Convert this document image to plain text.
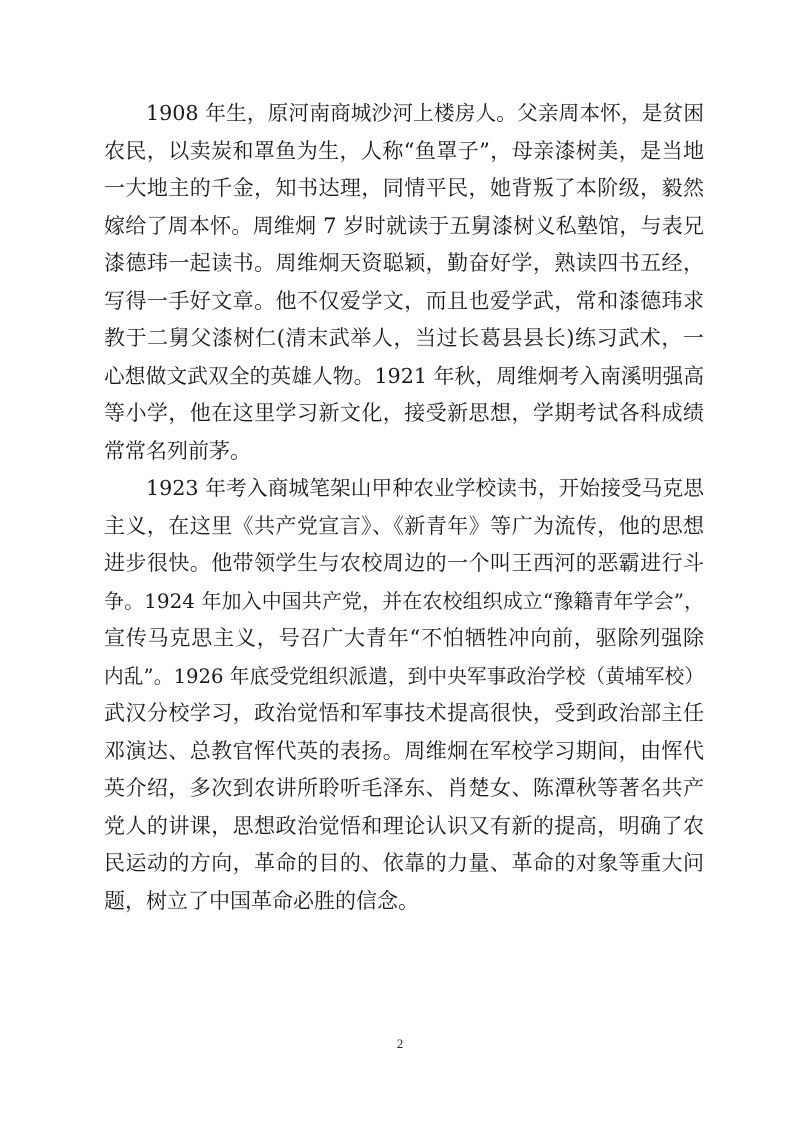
1908 年生，原河南商城沙河上楼房人。父亲周本怀，是贫困
农民，以卖炭和罩鱼为生，人称“鱼罩子”，母亲漆树美，是当地
一大地主的千金，知书达理，同情平民，她背叛了本阶级，毅然
嫁给了周本怀。周维炯 7 岁时就读于五舅漆树义私塾馆，与表兄
漆德玮一起读书。周维炯天资聪颖，勤奋好学，熟读四书五经，
写得一手好文章。他不仅爱学文，而且也爱学武，常和漆德玮求
教于二舅父漆树仁(清末武举人，当过长葛县县长)练习武术，一
心想做文武双全的英雄人物。1921 年秋，周维炯考入南溪明强高
等小学，他在这里学习新文化，接受新思想，学期考试各科成绩
常常名列前茅。
1923 年考入商城笔架山甲种农业学校读书，开始接受马克思
主义，在这里《共产党宣言》、《新青年》等广为流传，他的思想
进步很快。他带领学生与农校周边的一个叫王西河的恶霸进行斗
争。1924 年加入中国共产党，并在农校组织成立“豫籍青年学会”，
宣传马克思主义，号召广大青年“不怕牺牲冲向前，驱除列强除
内乱”。1926 年底受党组织派遣，到中央军事政治学校（黄埔军校）
武汉分校学习，政治觉悟和军事技术提高很快，受到政治部主任
邓演达、总教官恽代英的表扬。周维炯在军校学习期间，由恽代
英介绍，多次到农讲所聆听毛泽东、肖楚女、陈潭秋等著名共产
党人的讲课，思想政治觉悟和理论认识又有新的提高，明确了农
民运动的方向，革命的目的、依靠的力量、革命的对象等重大问
题，树立了中国革命必胜的信念。
2
